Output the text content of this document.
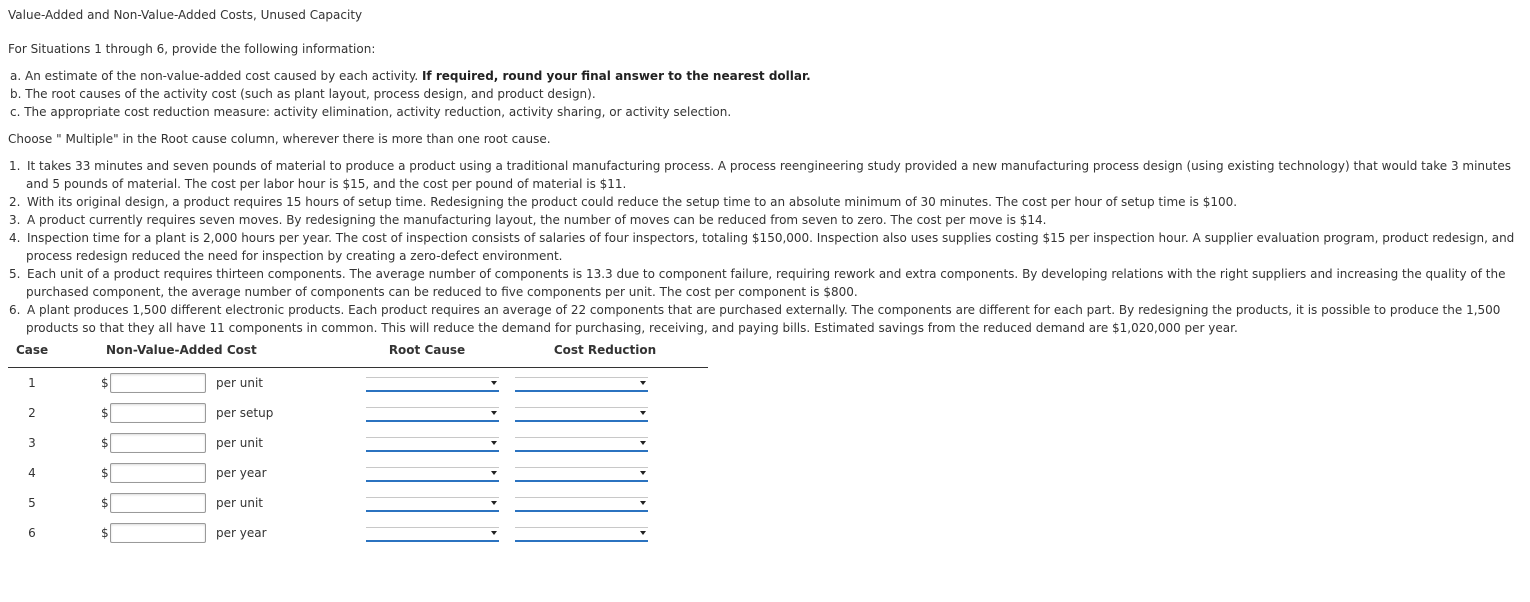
Value-Added and Non-Value-Added Costs, Unused Capacity
For Situations 1 through 6, provide the following information:
a. An estimate of the non-value-added cost caused by each activity. If required, round your final answer to the nearest dollar.
b. The root causes of the activity cost (such as plant layout, process design, and product design).
c. The appropriate cost reduction measure: activity elimination, activity reduction, activity sharing, or activity selection.
Choose " Multiple" in the Root cause column, wherever there is more than one root cause.
1. It takes 33 minutes and seven pounds of material to produce a product using a traditional manufacturing process. A process reengineering study provided a new manufacturing process design (using existing technology) that would take 3 minutes and 5 pounds of material. The cost per labor hour is $15, and the cost per pound of material is $11.
2. With its original design, a product requires 15 hours of setup time. Redesigning the product could reduce the setup time to an absolute minimum of 30 minutes. The cost per hour of setup time is $100.
3. A product currently requires seven moves. By redesigning the manufacturing layout, the number of moves can be reduced from seven to zero. The cost per move is $14.
4. Inspection time for a plant is 2,000 hours per year. The cost of inspection consists of salaries of four inspectors, totaling $150,000. Inspection also uses supplies costing $15 per inspection hour. A supplier evaluation program, product redesign, and process redesign reduced the need for inspection by creating a zero-defect environment.
5. Each unit of a product requires thirteen components. The average number of components is 13.3 due to component failure, requiring rework and extra components. By developing relations with the right suppliers and increasing the quality of the purchased component, the average number of components can be reduced to five components per unit. The cost per component is $800.
6. A plant produces 1,500 different electronic products. Each product requires an average of 22 components that are purchased externally. The components are different for each part. By redesigning the products, it is possible to produce the 1,500 products so that they all have 11 components in common. This will reduce the demand for purchasing, receiving, and paying bills. Estimated savings from the reduced demand are $1,020,000 per year.
Case	Non-Value-Added Cost	Root Cause	Cost Reduction
1	$ per unit	

2	$ per setup	

3	$ per unit	

4	$ per year	

5	$ per unit	

6	$ per year	
